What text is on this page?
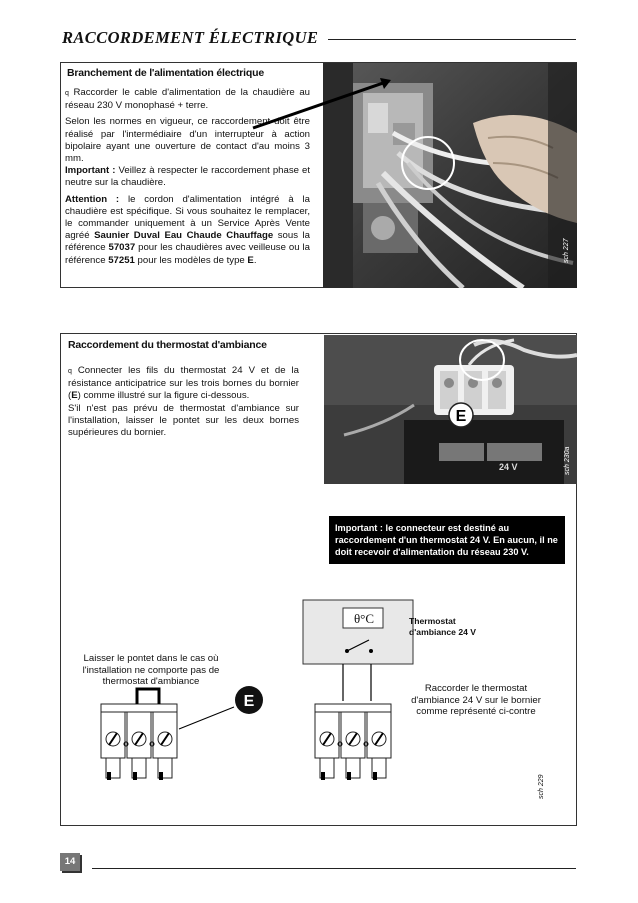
RACCORDEMENT ÉLECTRIQUE
Branchement de l'alimentation électrique

q Raccorder le cable d'alimentation de la chaudière au réseau 230 V monophasé + terre.

Selon les normes en vigueur, ce raccordement doit être réalisé par l'intermédiaire d'un interrupteur à action bipolaire ayant une ouverture de contact d'au moins 3 mm.

Important : Veillez à respecter le raccordement phase et neutre sur la chaudière.

Attention : le cordon d'alimentation intégré à la chaudière est spécifique. Si vous souhaitez le remplacer, le commander uniquement à un Service Après Vente agréé Saunier Duval Eau Chaude Chauffage sous la référence 57037 pour les chaudières avec veilleuse ou la référence 57251 pour les modèles de type E.	sch 227
Raccordement du thermostat d'ambiance

q Connecter les fils du thermostat 24 V et de la résistance anticipatrice sur les trois bornes du bornier (E) comme illustré sur la figure ci-dessous.

S'il n'est pas prévu de thermostat d'ambiance sur l'installation, laisser le pontet sur les deux bornes supérieures du bornier.

24 V
E
sch 230a
Important : le connecteur est destiné au raccordement d'un thermostat 24 V. En aucun, il ne doit recevoir d'alimentation du réseau 230 V.
θ°C	Thermostat
d'ambiance 24 V
Laisser le pontet dans le cas où l'installation ne comporte pas de thermostat d'ambiance
Raccorder le thermostat d'ambiance 24 V sur le bornier comme représenté ci-contre
E
sch 229
14
